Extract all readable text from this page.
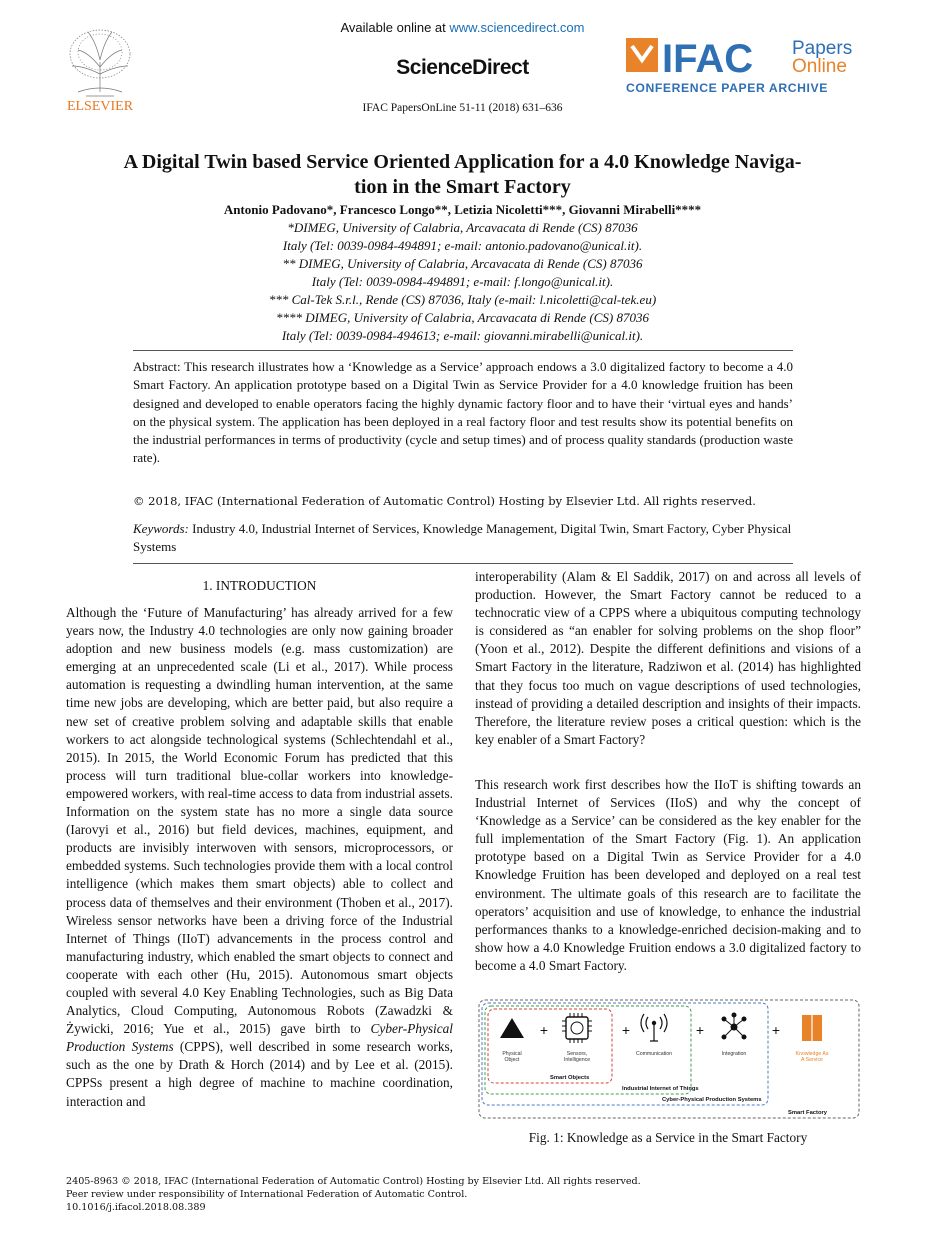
Available online at www.sciencedirect.com
ScienceDirect
IFAC PapersOnLine 51-11 (2018) 631–636
ELSEVIER
IFAC Papers
Online
CONFERENCE PAPER ARCHIVE
A Digital Twin based Service Oriented Application for a 4.0 Knowledge Naviga-
tion in the Smart Factory
Antonio Padovano*, Francesco Longo**, Letizia Nicoletti***, Giovanni Mirabelli****
*DIMEG, University of Calabria, Arcavacata di Rende (CS) 87036
Italy (Tel: 0039-0984-494891; e-mail: antonio.padovano@unical.it).
** DIMEG, University of Calabria, Arcavacata di Rende (CS) 87036
Italy (Tel: 0039-0984-494891; e-mail: f.longo@unical.it).
*** Cal-Tek S.r.l., Rende (CS) 87036, Italy (e-mail: l.nicoletti@cal-tek.eu)
**** DIMEG, University of Calabria, Arcavacata di Rende (CS) 87036
Italy (Tel: 0039-0984-494613; e-mail: giovanni.mirabelli@unical.it).
Abstract: This research illustrates how a ‘Knowledge as a Service’ approach endows a 3.0 digitalized factory to become a 4.0 Smart Factory. An application prototype based on a Digital Twin as Service Provider for a 4.0 knowledge fruition has been designed and developed to enable operators facing the highly dynamic factory floor and to have their ‘virtual eyes and hands’ on the physical system. The application has been deployed in a real factory floor and test results show its potential benefits on the industrial performances in terms of productivity (cycle and setup times) and of process quality standards (production waste rate).
© 2018, IFAC (International Federation of Automatic Control) Hosting by Elsevier Ltd. All rights reserved.
Keywords: Industry 4.0, Industrial Internet of Services, Knowledge Management, Digital Twin, Smart Factory, Cyber Physical Systems
1. INTRODUCTION

Although the ‘Future of Manufacturing’ has already arrived for a few years now, the Industry 4.0 technologies are only now gaining broader adoption and new business models (e.g. mass customization) are emerging at an unprecedented scale (Li et al., 2017). While process automation is requesting a dwindling human intervention, at the same time new jobs are developing, which are better paid, but also require a new set of creative problem solving and adaptable skills that enable workers to act alongside technological systems (Schlechtendahl et al., 2015). In 2015, the World Economic Forum has predicted that this process will turn traditional blue-collar workers into knowledge-empowered workers, with real-time access to data from industrial assets. Information on the system state has no more a single data source (Iarovyi et al., 2016) but field devices, machines, equipment, and products are invisibly interwoven with sensors, microprocessors, or embedded systems. Such technologies provide them with a local control intelligence (which makes them smart objects) able to collect and process data of themselves and their environment (Thoben et al., 2017). Wireless sensor networks have been a driving force of the Industrial Internet of Things (IIoT) advancements in the process control and manufacturing industry, which enabled the smart objects to connect and cooperate with each other (Hu, 2015). Autonomous smart objects coupled with several 4.0 Key Enabling Technologies, such as Big Data Analytics, Cloud Computing, Autonomous Robots (Zawadzki & Żywicki, 2016; Yue et al., 2015) gave birth to Cyber-Physical Production Systems (CPPS), well described in some research works, such as the one by Drath & Horch (2014) and by Lee et al. (2015). CPPSs present a high degree of machine to machine coordination, interaction and

interoperability (Alam & El Saddik, 2017) on and across all levels of production. However, the Smart Factory cannot be reduced to a technocratic view of a CPPS where a ubiquitous computing technology is considered as “an enabler for solving problems on the shop floor” (Yoon et al., 2012). Despite the different definitions and visions of a Smart Factory in the literature, Radziwon et al. (2014) has highlighted that they focus too much on vague descriptions of used technologies, instead of providing a detailed description and insights of their impacts. Therefore, the literature review poses a critical question: which is the key enabler of a Smart Factory?
This research work first describes how the IIoT is shifting towards an Industrial Internet of Services (IIoS) and why the concept of ‘Knowledge as a Service’ can be considered as the key enabler for the full implementation of the Smart Factory (Fig. 1). An application prototype based on a Digital Twin as Service Provider for a 4.0 Knowledge Fruition has been developed and deployed on a real test environment. The ultimate goals of this research are to facilitate the operators’ acquisition and use of knowledge, to enhance the industrial performances thanks to a knowledge-enriched decision-making and to show how a 4.0 Knowledge Fruition endows a 3.0 digitalized factory to become a 4.0 Smart Factory.
Physical
Object
+
Sensors,
Intelligence
Smart Objects
+
Communication
Industrial Internet of Things
+
Integration
Cyber-Physical Production Systems
+
Knowledge As
A Service
Smart Factory
Fig. 1: Knowledge as a Service in the Smart Factory
2405-8963 © 2018, IFAC (International Federation of Automatic Control) Hosting by Elsevier Ltd. All rights reserved.
Peer review under responsibility of International Federation of Automatic Control.
10.1016/j.ifacol.2018.08.389
